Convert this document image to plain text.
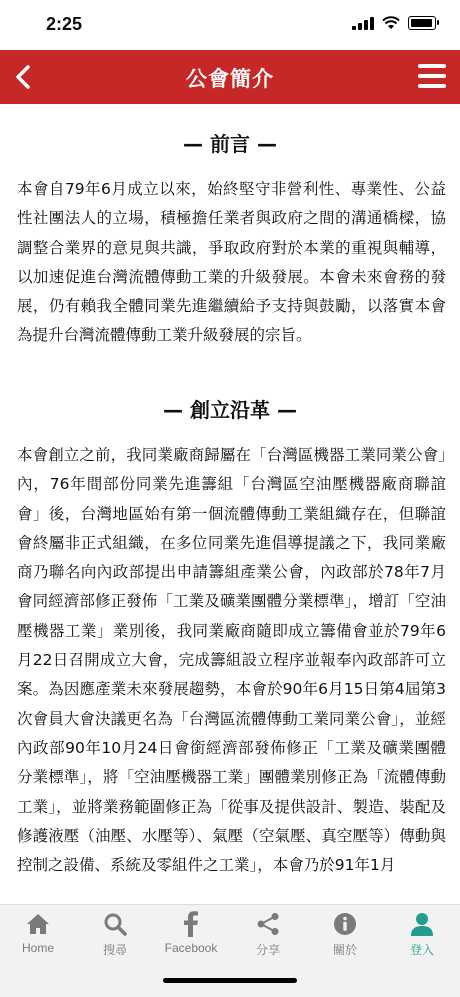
2:25
公會簡介
— 前言 —

本會自79年6月成立以來，始終堅守非營利性、專業性、公益性社團法人的立場，積極擔任業者與政府之間的溝通橋樑，協調整合業界的意見與共識，爭取政府對於本業的重視與輔導，以加速促進台灣流體傳動工業的升級發展。本會未來會務的發展，仍有賴我全體同業先進繼續給予支持與鼓勵，以落實本會為提升台灣流體傳動工業升級發展的宗旨。

— 創立沿革 —

本會創立之前，我同業廠商歸屬在「台灣區機器工業同業公會」內，76年間部份同業先進籌組「台灣區空油壓機器廠商聯誼會」後，台灣地區始有第一個流體傳動工業組織存在，但聯誼會終屬非正式組織，在多位同業先進倡導提議之下，我同業廠商乃聯名向內政部提出申請籌組產業公會，內政部於78年7月會同經濟部修正發佈「工業及礦業團體分業標準」，增訂「空油壓機器工業」業別後，我同業廠商隨即成立籌備會並於79年6月22日召開成立大會，完成籌組設立程序並報奉內政部許可立案。為因應產業未來發展趨勢，本會於90年6月15日第4屆第3次會員大會決議更名為「台灣區流體傳動工業同業公會」，並經內政部90年10月24日會銜經濟部發佈修正「工業及礦業團體分業標準」，將「空油壓機器工業」團體業別修正為「流體傳動工業」，並將業務範圍修正為「從事及提供設計、製造、裝配及修護液壓（油壓、水壓等）、氣壓（空氣壓、真空壓等）傳動與控制之設備、系統及零組件之工業」，本會乃於91年1月

Home	搜尋	Facebook	分享	關於	登入
